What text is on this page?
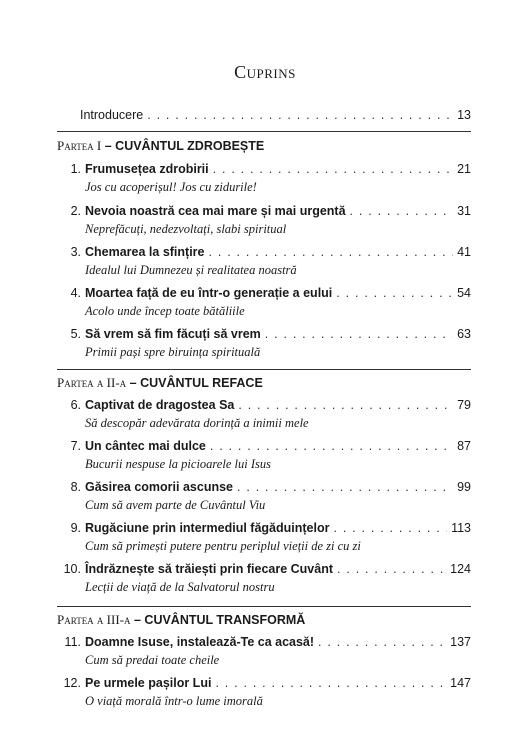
Cuprins
Introducere . . .	13
Partea I – CUVÂNTUL ZDROBEȘTE
1. Frumusețea zdrobirii . . .	21
Jos cu acoperișul! Jos cu zidurile!
2. Nevoia noastră cea mai mare și mai urgentă . . .	31
Neprefăcuți, nedezvoltați, slabi spiritual
3. Chemarea la sfințire . . .	41
Idealul lui Dumnezeu și realitatea noastră
4. Moartea față de eu într-o generație a eului . . .	54
Acolo unde încep toate bătăliile
5. Să vrem să fim făcuți să vrem . . .	63
Primii pași spre biruința spirituală
Partea a II-a – CUVÂNTUL REFACE
6. Captivat de dragostea Sa . . .	79
Să descopăr adevărata dorință a inimii mele
7. Un cântec mai dulce . . .	87
Bucurii nespuse la picioarele lui Isus
8. Găsirea comorii ascunse . . .	99
Cum să avem parte de Cuvântul Viu
9. Rugăciune prin intermediul făgăduințelor . . .	113
Cum să primești putere pentru periplul vieții de zi cu zi
10. Îndrăznește să trăiești prin fiecare Cuvânt . . .	124
Lecții de viață de la Salvatorul nostru
Partea a III-a – CUVÂNTUL TRANSFORMĂ
11. Doamne Isuse, instalează-Te ca acasă! . . .	137
Cum să predai toate cheile
12. Pe urmele pașilor Lui . . .	147
O viață morală într-o lume imorală
